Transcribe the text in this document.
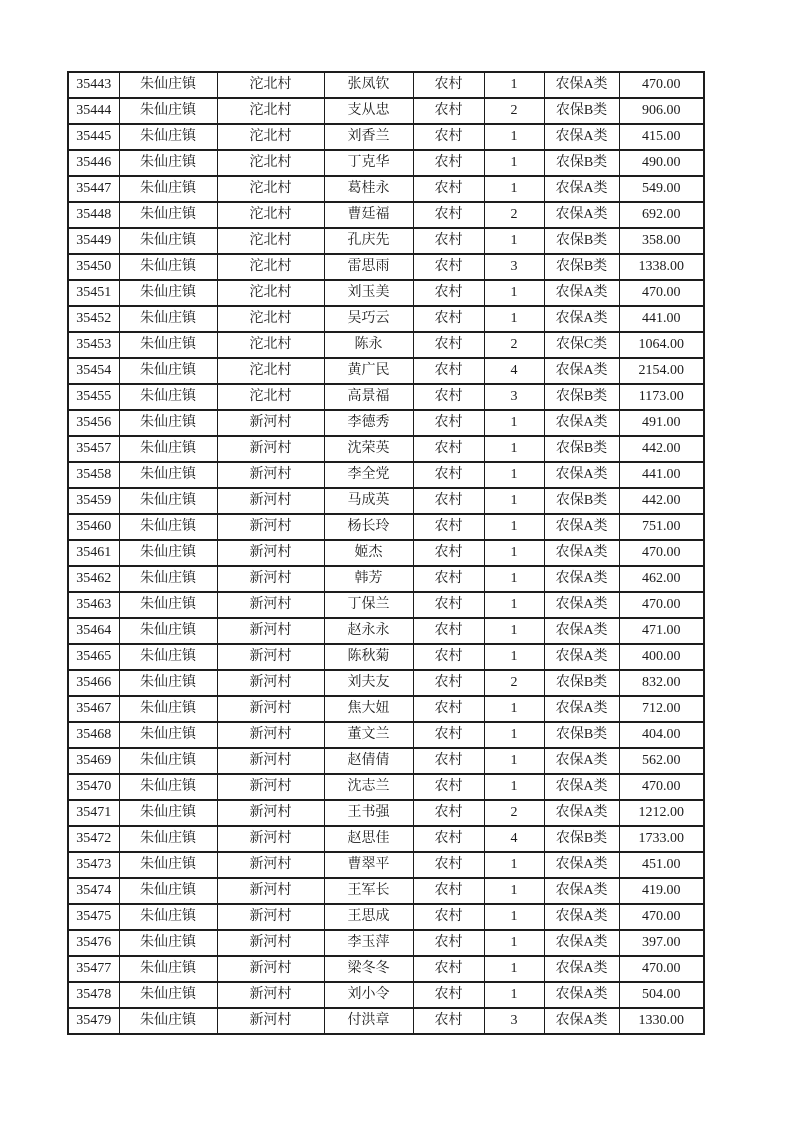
35443	朱仙庄镇	沱北村	张凤钦	农村	1	农保A类	470.00
35444	朱仙庄镇	沱北村	支从忠	农村	2	农保B类	906.00
35445	朱仙庄镇	沱北村	刘香兰	农村	1	农保A类	415.00
35446	朱仙庄镇	沱北村	丁克华	农村	1	农保B类	490.00
35447	朱仙庄镇	沱北村	葛桂永	农村	1	农保A类	549.00
35448	朱仙庄镇	沱北村	曹廷福	农村	2	农保A类	692.00
35449	朱仙庄镇	沱北村	孔庆先	农村	1	农保B类	358.00
35450	朱仙庄镇	沱北村	雷思雨	农村	3	农保B类	1338.00
35451	朱仙庄镇	沱北村	刘玉美	农村	1	农保A类	470.00
35452	朱仙庄镇	沱北村	吴巧云	农村	1	农保A类	441.00
35453	朱仙庄镇	沱北村	陈永	农村	2	农保C类	1064.00
35454	朱仙庄镇	沱北村	黄广民	农村	4	农保A类	2154.00
35455	朱仙庄镇	沱北村	高景福	农村	3	农保B类	1173.00
35456	朱仙庄镇	新河村	李德秀	农村	1	农保A类	491.00
35457	朱仙庄镇	新河村	沈荣英	农村	1	农保B类	442.00
35458	朱仙庄镇	新河村	李全党	农村	1	农保A类	441.00
35459	朱仙庄镇	新河村	马成英	农村	1	农保B类	442.00
35460	朱仙庄镇	新河村	杨长玲	农村	1	农保A类	751.00
35461	朱仙庄镇	新河村	姬杰	农村	1	农保A类	470.00
35462	朱仙庄镇	新河村	韩芳	农村	1	农保A类	462.00
35463	朱仙庄镇	新河村	丁保兰	农村	1	农保A类	470.00
35464	朱仙庄镇	新河村	赵永永	农村	1	农保A类	471.00
35465	朱仙庄镇	新河村	陈秋菊	农村	1	农保A类	400.00
35466	朱仙庄镇	新河村	刘夫友	农村	2	农保B类	832.00
35467	朱仙庄镇	新河村	焦大妞	农村	1	农保A类	712.00
35468	朱仙庄镇	新河村	董文兰	农村	1	农保B类	404.00
35469	朱仙庄镇	新河村	赵倩倩	农村	1	农保A类	562.00
35470	朱仙庄镇	新河村	沈志兰	农村	1	农保A类	470.00
35471	朱仙庄镇	新河村	王书强	农村	2	农保A类	1212.00
35472	朱仙庄镇	新河村	赵思佳	农村	4	农保B类	1733.00
35473	朱仙庄镇	新河村	曹翠平	农村	1	农保A类	451.00
35474	朱仙庄镇	新河村	王军长	农村	1	农保A类	419.00
35475	朱仙庄镇	新河村	王思成	农村	1	农保A类	470.00
35476	朱仙庄镇	新河村	李玉萍	农村	1	农保A类	397.00
35477	朱仙庄镇	新河村	梁冬冬	农村	1	农保A类	470.00
35478	朱仙庄镇	新河村	刘小令	农村	1	农保A类	504.00
35479	朱仙庄镇	新河村	付洪章	农村	3	农保A类	1330.00
